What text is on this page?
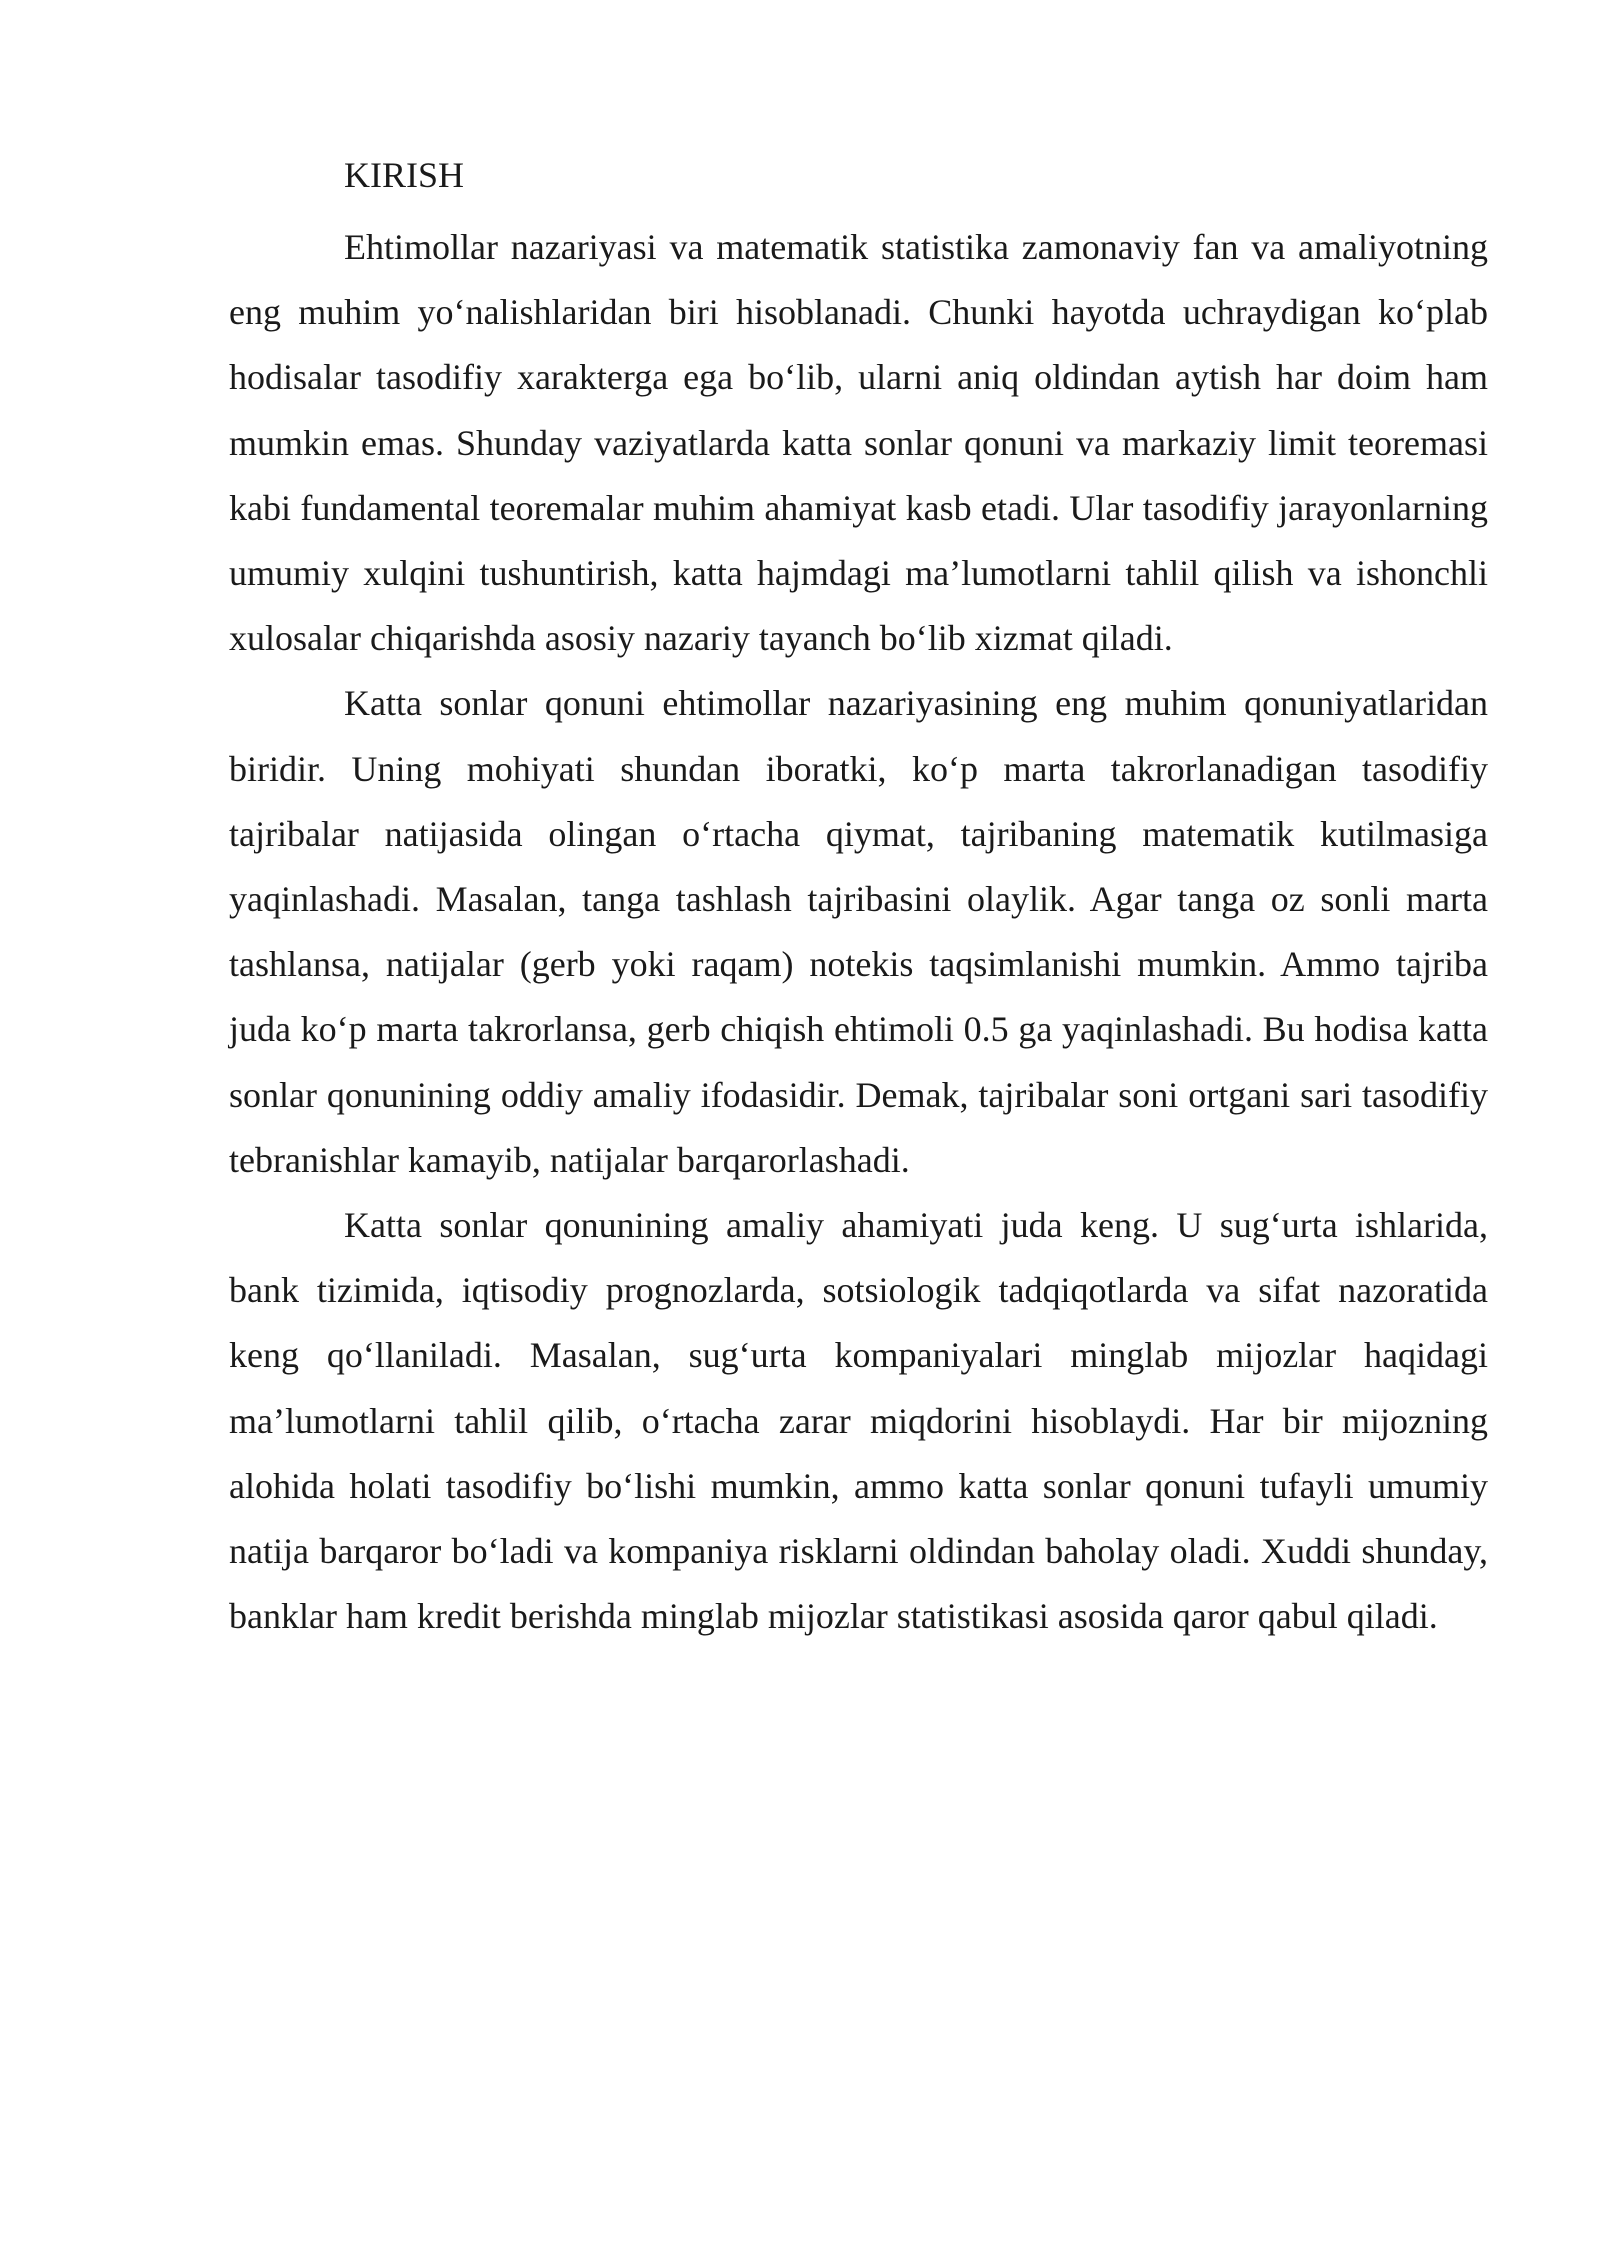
KIRISH

Ehtimollar nazariyasi va matematik statistika zamonaviy fan va amaliyotning eng muhim yo‘nalishlaridan biri hisoblanadi. Chunki hayotda uchraydigan ko‘plab hodisalar tasodifiy xarakterga ega bo‘lib, ularni aniq oldindan aytish har doim ham mumkin emas. Shunday vaziyatlarda katta sonlar qonuni va markaziy limit teoremasi kabi fundamental teoremalar muhim ahamiyat kasb etadi. Ular tasodifiy jarayonlarning umumiy xulqini tushuntirish, katta hajmdagi ma’lumotlarni tahlil qilish va ishonchli xulosalar chiqarishda asosiy nazariy tayanch bo‘lib xizmat qiladi.

Katta sonlar qonuni ehtimollar nazariyasining eng muhim qonuniyatlaridan biridir. Uning mohiyati shundan iboratki, ko‘p marta takrorlanadigan tasodifiy tajribalar natijasida olingan o‘rtacha qiymat, tajribaning matematik kutilmasiga yaqinlashadi. Masalan, tanga tashlash tajribasini olaylik. Agar tanga oz sonli marta tashlansa, natijalar (gerb yoki raqam) notekis taqsimlanishi mumkin. Ammo tajriba juda ko‘p marta takrorlansa, gerb chiqish ehtimoli 0.5 ga yaqinlashadi. Bu hodisa katta sonlar qonunining oddiy amaliy ifodasidir. Demak, tajribalar soni ortgani sari tasodifiy tebranishlar kamayib, natijalar barqarorlashadi.

Katta sonlar qonunining amaliy ahamiyati juda keng. U sug‘urta ishlarida, bank tizimida, iqtisodiy prognozlarda, sotsiologik tadqiqotlarda va sifat nazoratida keng qo‘llaniladi. Masalan, sug‘urta kompaniyalari minglab mijozlar haqidagi ma’lumotlarni tahlil qilib, o‘rtacha zarar miqdorini hisoblaydi. Har bir mijozning alohida holati tasodifiy bo‘lishi mumkin, ammo katta sonlar qonuni tufayli umumiy natija barqaror bo‘ladi va kompaniya risklarni oldindan baholay oladi. Xuddi shunday, banklar ham kredit berishda minglab mijozlar statistikasi asosida qaror qabul qiladi.
